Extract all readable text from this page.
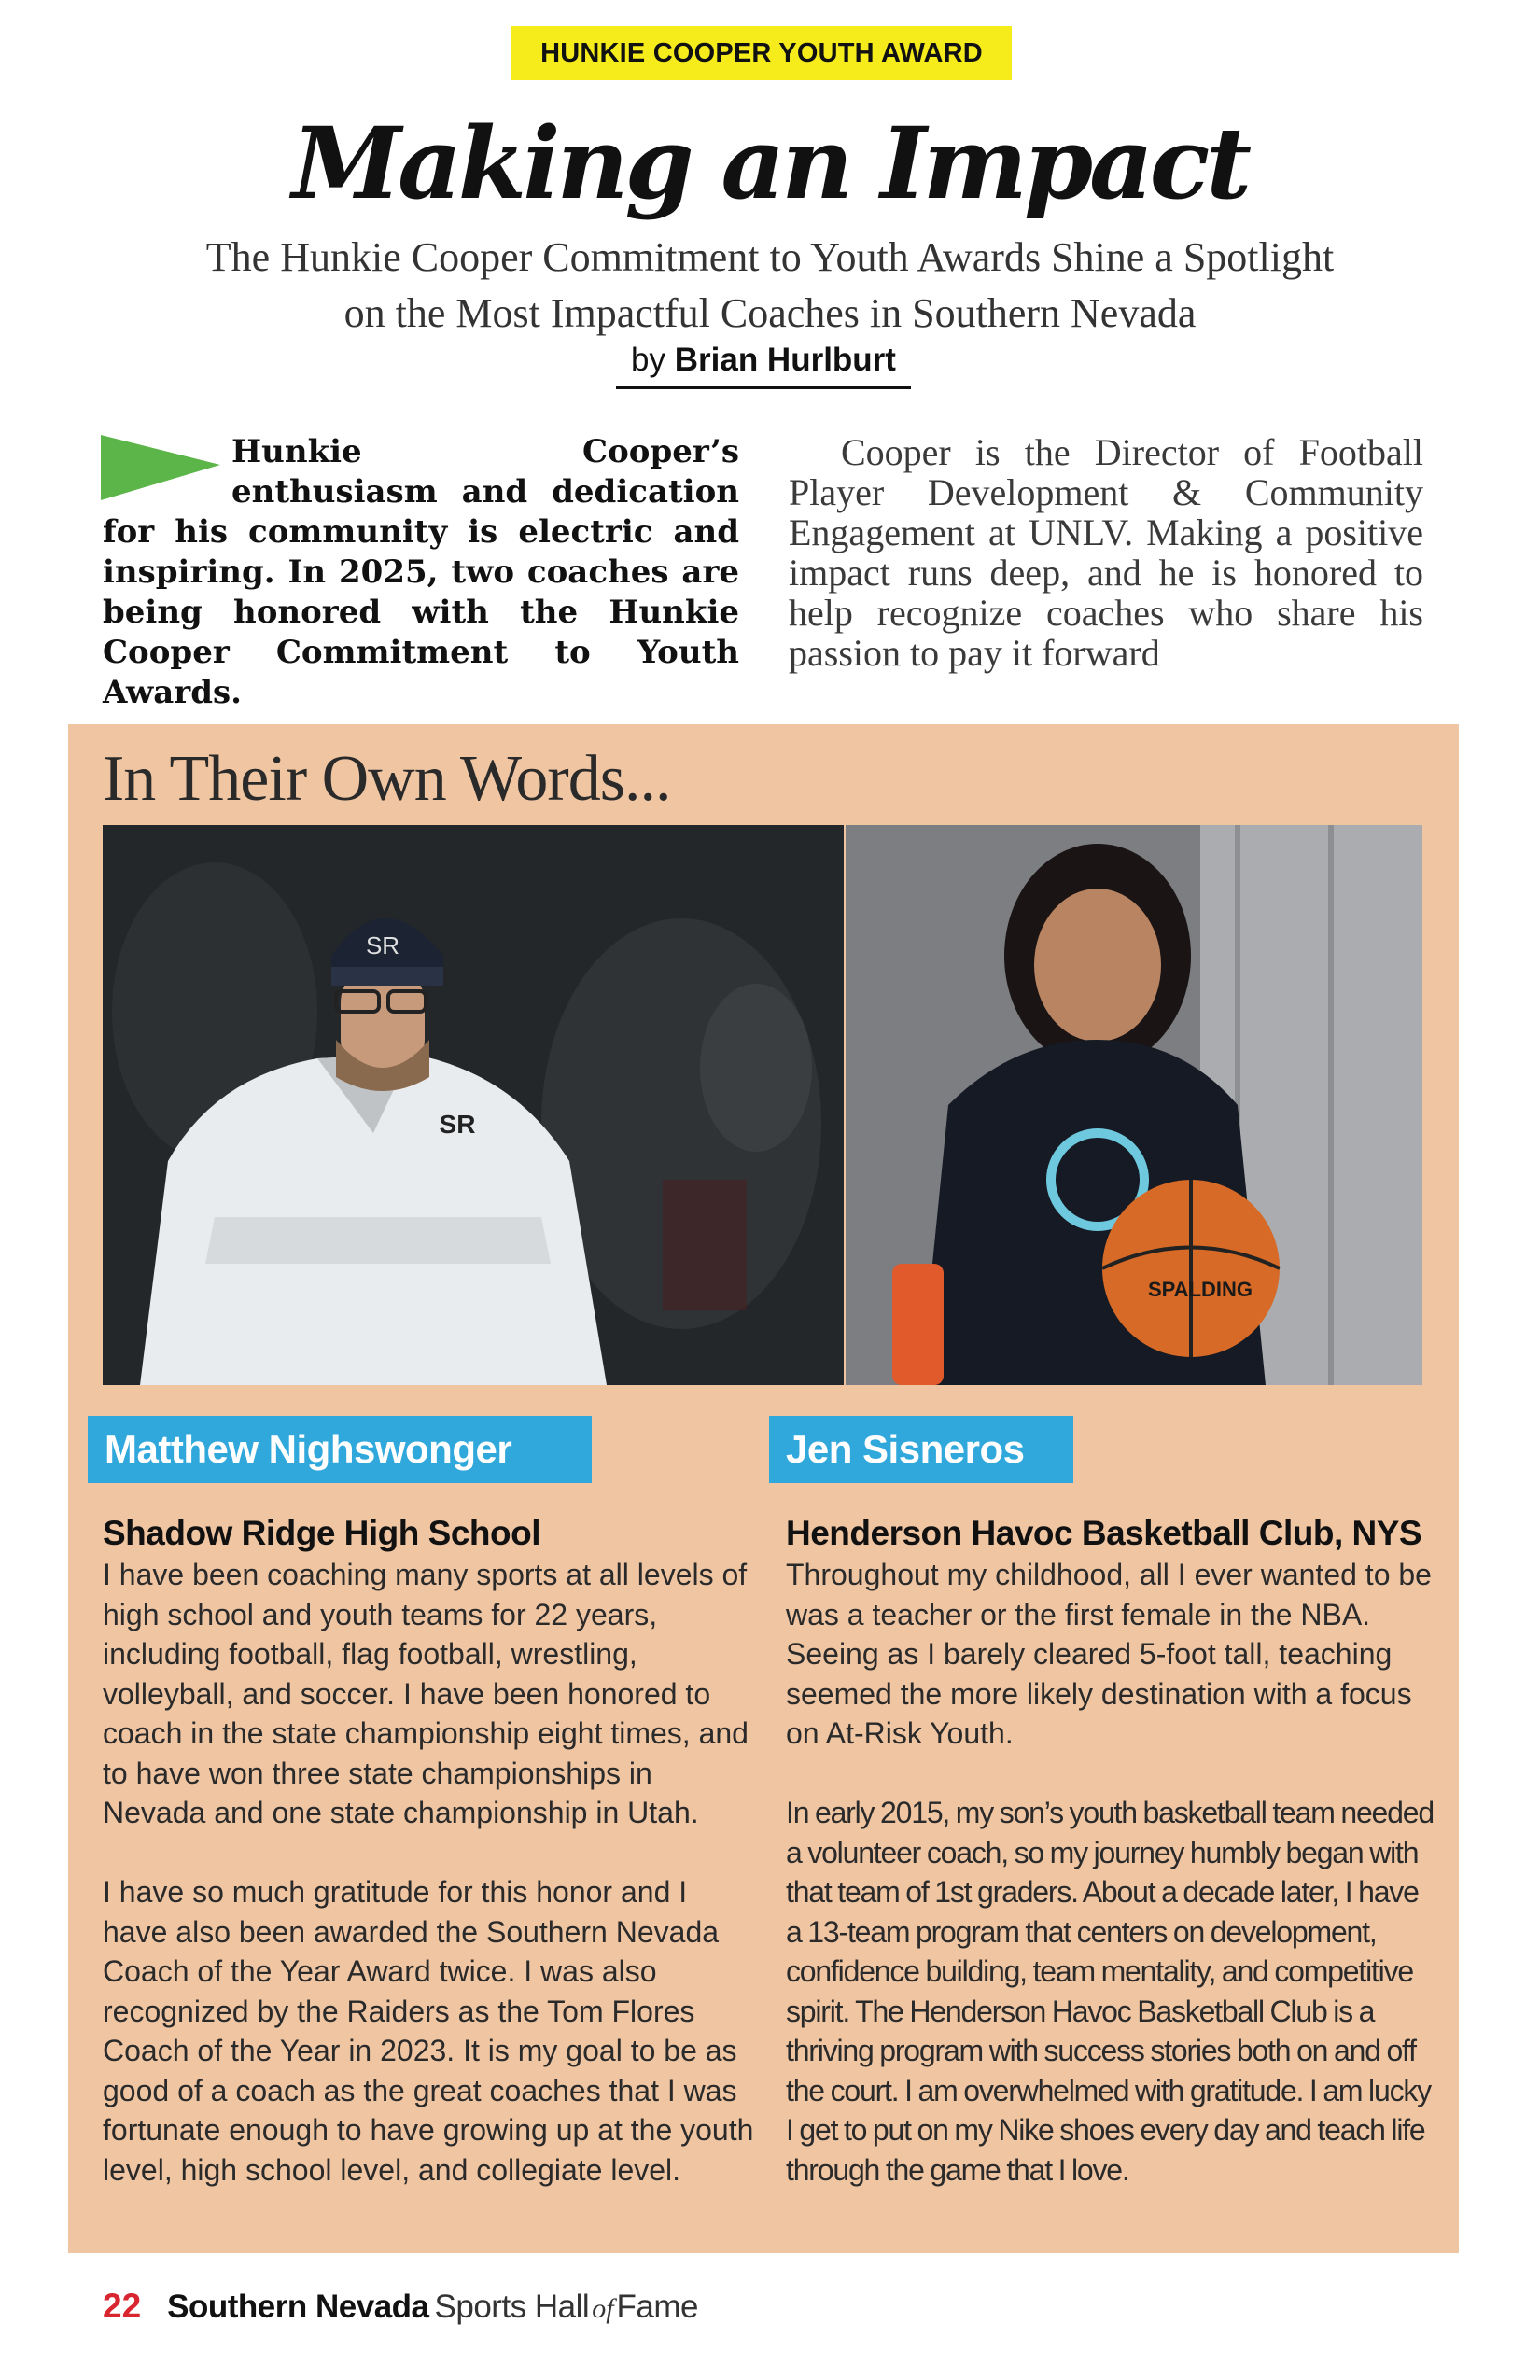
HUNKIE COOPER YOUTH AWARD
Making an Impact
The Hunkie Cooper Commitment to Youth Awards Shine a Spotlight
on the Most Impactful Coaches in Southern Nevada
by Brian Hurlburt
Hunkie Cooper’s enthusiasm and dedication for his community is electric and inspiring. In 2025, two coaches are being honored with the Hunkie Cooper Commitment to Youth Awards.
Cooper is the Director of Football Player Development & Community Engagement at UNLV. Making a positive impact runs deep, and he is honored to help recognize coaches who share his passion to pay it forward
In Their Own Words...
SR
SR
SPALDING
Matthew Nighswonger	Jen Sisneros
Shadow Ridge High School	Henderson Havoc Basketball Club, NYS

I have been coaching many sports at all levels of high school and youth teams for 22 years, including football, flag football, wrestling, volleyball, and soccer. I have been honored to coach in the state championship eight times, and to have won three state championships in Nevada and one state championship in Utah.

I have so much gratitude for this honor and I have also been awarded the Southern Nevada Coach of the Year Award twice. I was also recognized by the Raiders as the Tom Flores Coach of the Year in 2023. It is my goal to be as good of a coach as the great coaches that I was fortunate enough to have growing up at the youth level, high school level, and collegiate level.

Throughout my childhood, all I ever wanted to be was a teacher or the first female in the NBA. Seeing as I barely cleared 5-foot tall, teaching seemed the more likely destination with a focus on At-Risk Youth.

In early 2015, my son’s youth basketball team needed a volunteer coach, so my journey humbly began with that team of 1st graders. About a decade later, I have a 13-team program that centers on development, confidence building, team mentality, and competitive spirit. The Henderson Havoc Basketball Club is a thriving program with success stories both on and off the court. I am overwhelmed with gratitude. I am lucky I get to put on my Nike shoes every day and teach life through the game that I love.

22 Southern Nevada Sports Hall of Fame
